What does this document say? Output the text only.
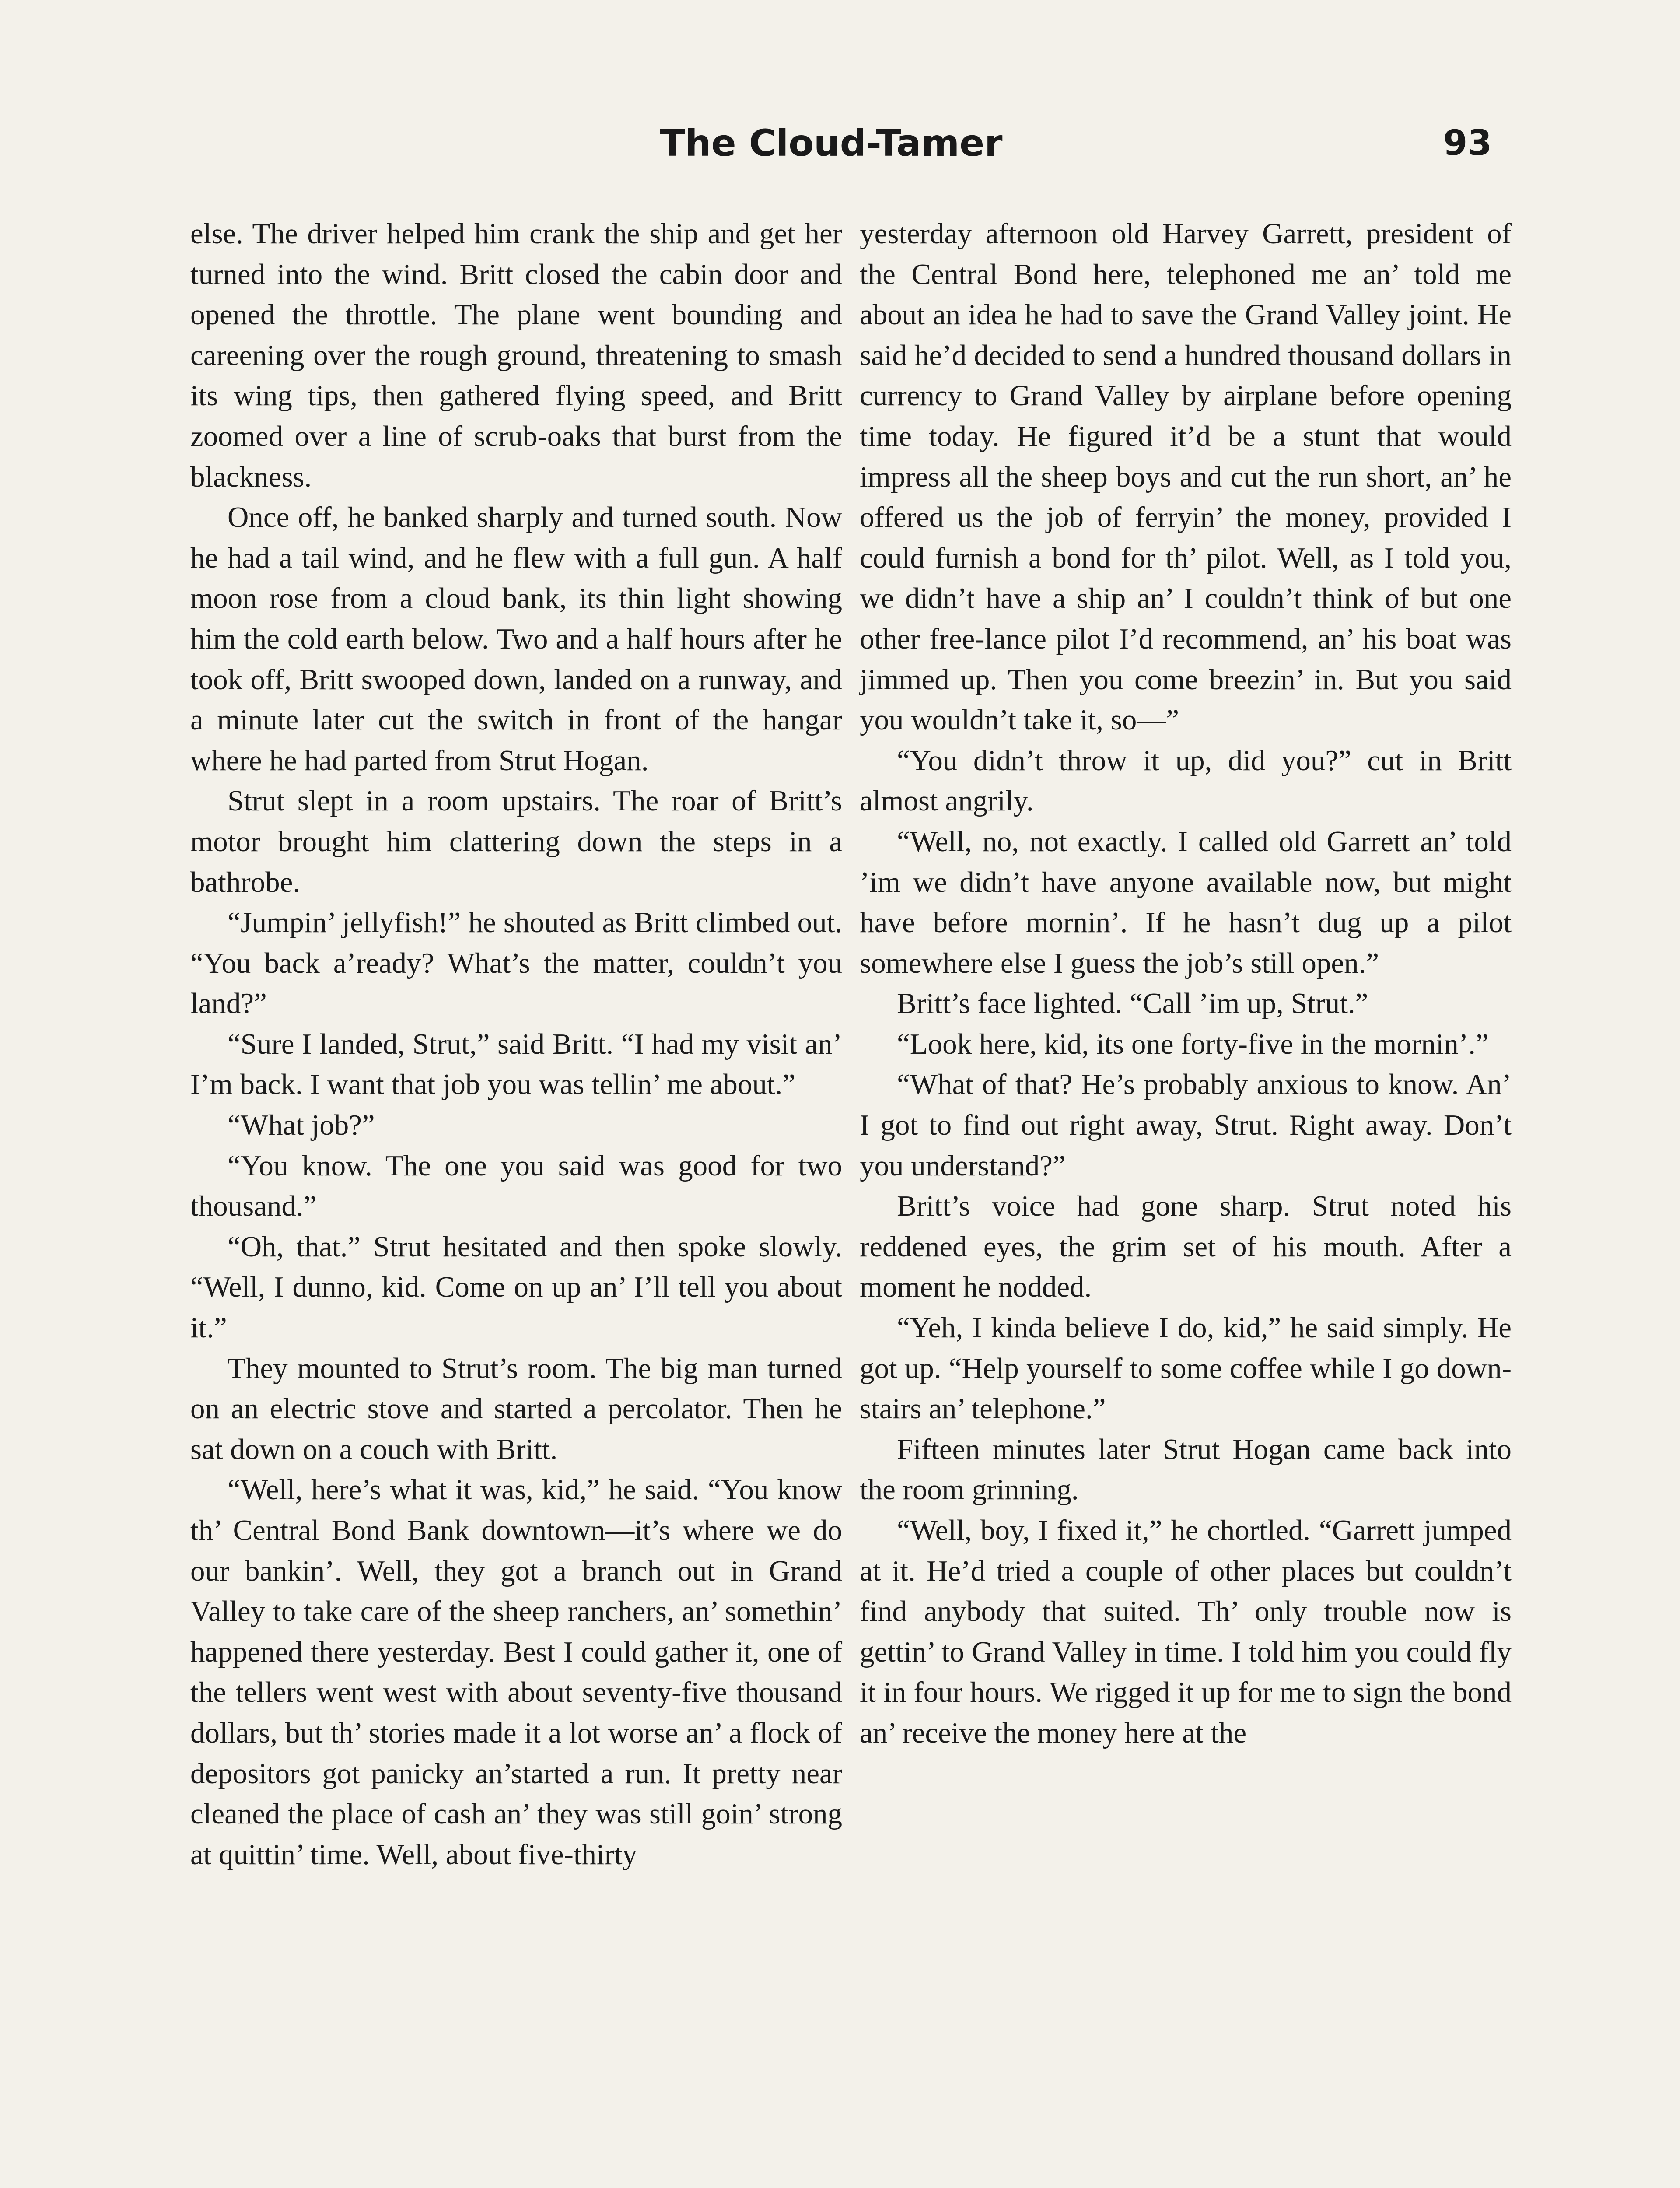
The Cloud-Tamer	93

else. The driver helped him crank the ship and get her turned into the wind. Britt closed the cabin door and opened the throttle. The plane went bounding and careening over the rough ground, threatening to smash its wing tips, then gathered flying speed, and Britt zoomed over a line of scrub-oaks that burst from the blackness.

Once off, he banked sharply and turned south. Now he had a tail wind, and he flew with a full gun. A half moon rose from a cloud bank, its thin light showing him the cold earth below. Two and a half hours after he took off, Britt swooped down, landed on a runway, and a minute later cut the switch in front of the hangar where he had parted from Strut Hogan.

Strut slept in a room upstairs. The roar of Britt’s motor brought him clattering down the steps in a bathrobe.

“Jumpin’ jellyfish!” he shouted as Britt climbed out. “You back a’ready? What’s the matter, couldn’t you land?”

“Sure I landed, Strut,” said Britt. “I had my visit an’ I’m back. I want that job you was tellin’ me about.”

“What job?”

“You know. The one you said was good for two thousand.”

“Oh, that.” Strut hesitated and then spoke slowly. “Well, I dunno, kid. Come on up an’ I’ll tell you about it.”

They mounted to Strut’s room. The big man turned on an electric stove and started a percolator. Then he sat down on a couch with Britt.

“Well, here’s what it was, kid,” he said. “You know th’ Central Bond Bank downtown—it’s where we do our bankin’. Well, they got a branch out in Grand Valley to take care of the sheep ranchers, an’ somethin’ happened there yesterday. Best I could gather it, one of the tellers went west with about seventy-five thousand dollars, but th’ stories made it a lot worse an’ a flock of depositors got panicky an’started a run. It pretty near cleaned the place of cash an’ they was still goin’ strong at quittin’ time. Well, about five-thirty

yesterday afternoon old Harvey Garrett, president of the Central Bond here, telephoned me an’ told me about an idea he had to save the Grand Valley joint. He said he’d decided to send a hundred thousand dollars in currency to Grand Valley by airplane before opening time today. He figured it’d be a stunt that would impress all the sheep boys and cut the run short, an’ he offered us the job of ferryin’ the money, provided I could furnish a bond for th’ pilot. Well, as I told you, we didn’t have a ship an’ I couldn’t think of but one other free-lance pilot I’d recommend, an’ his boat was jimmed up. Then you come breezin’ in. But you said you wouldn’t take it, so—”

“You didn’t throw it up, did you?” cut in Britt almost angrily.

“Well, no, not exactly. I called old Garrett an’ told ’im we didn’t have anyone available now, but might have before mornin’. If he hasn’t dug up a pilot somewhere else I guess the job’s still open.”

Britt’s face lighted. “Call ’im up, Strut.”

“Look here, kid, its one forty-five in the mornin’.”

“What of that? He’s probably anxious to know. An’ I got to find out right away, Strut. Right away. Don’t you understand?”

Britt’s voice had gone sharp. Strut noted his reddened eyes, the grim set of his mouth. After a moment he nodded.

“Yeh, I kinda believe I do, kid,” he said simply. He got up. “Help yourself to some coffee while I go downstairs an’ telephone.”

Fifteen minutes later Strut Hogan came back into the room grinning.

“Well, boy, I fixed it,” he chortled. “Garrett jumped at it. He’d tried a couple of other places but couldn’t find anybody that suited. Th’ only trouble now is gettin’ to Grand Valley in time. I told him you could fly it in four hours. We rigged it up for me to sign the bond an’ receive the money here at the
